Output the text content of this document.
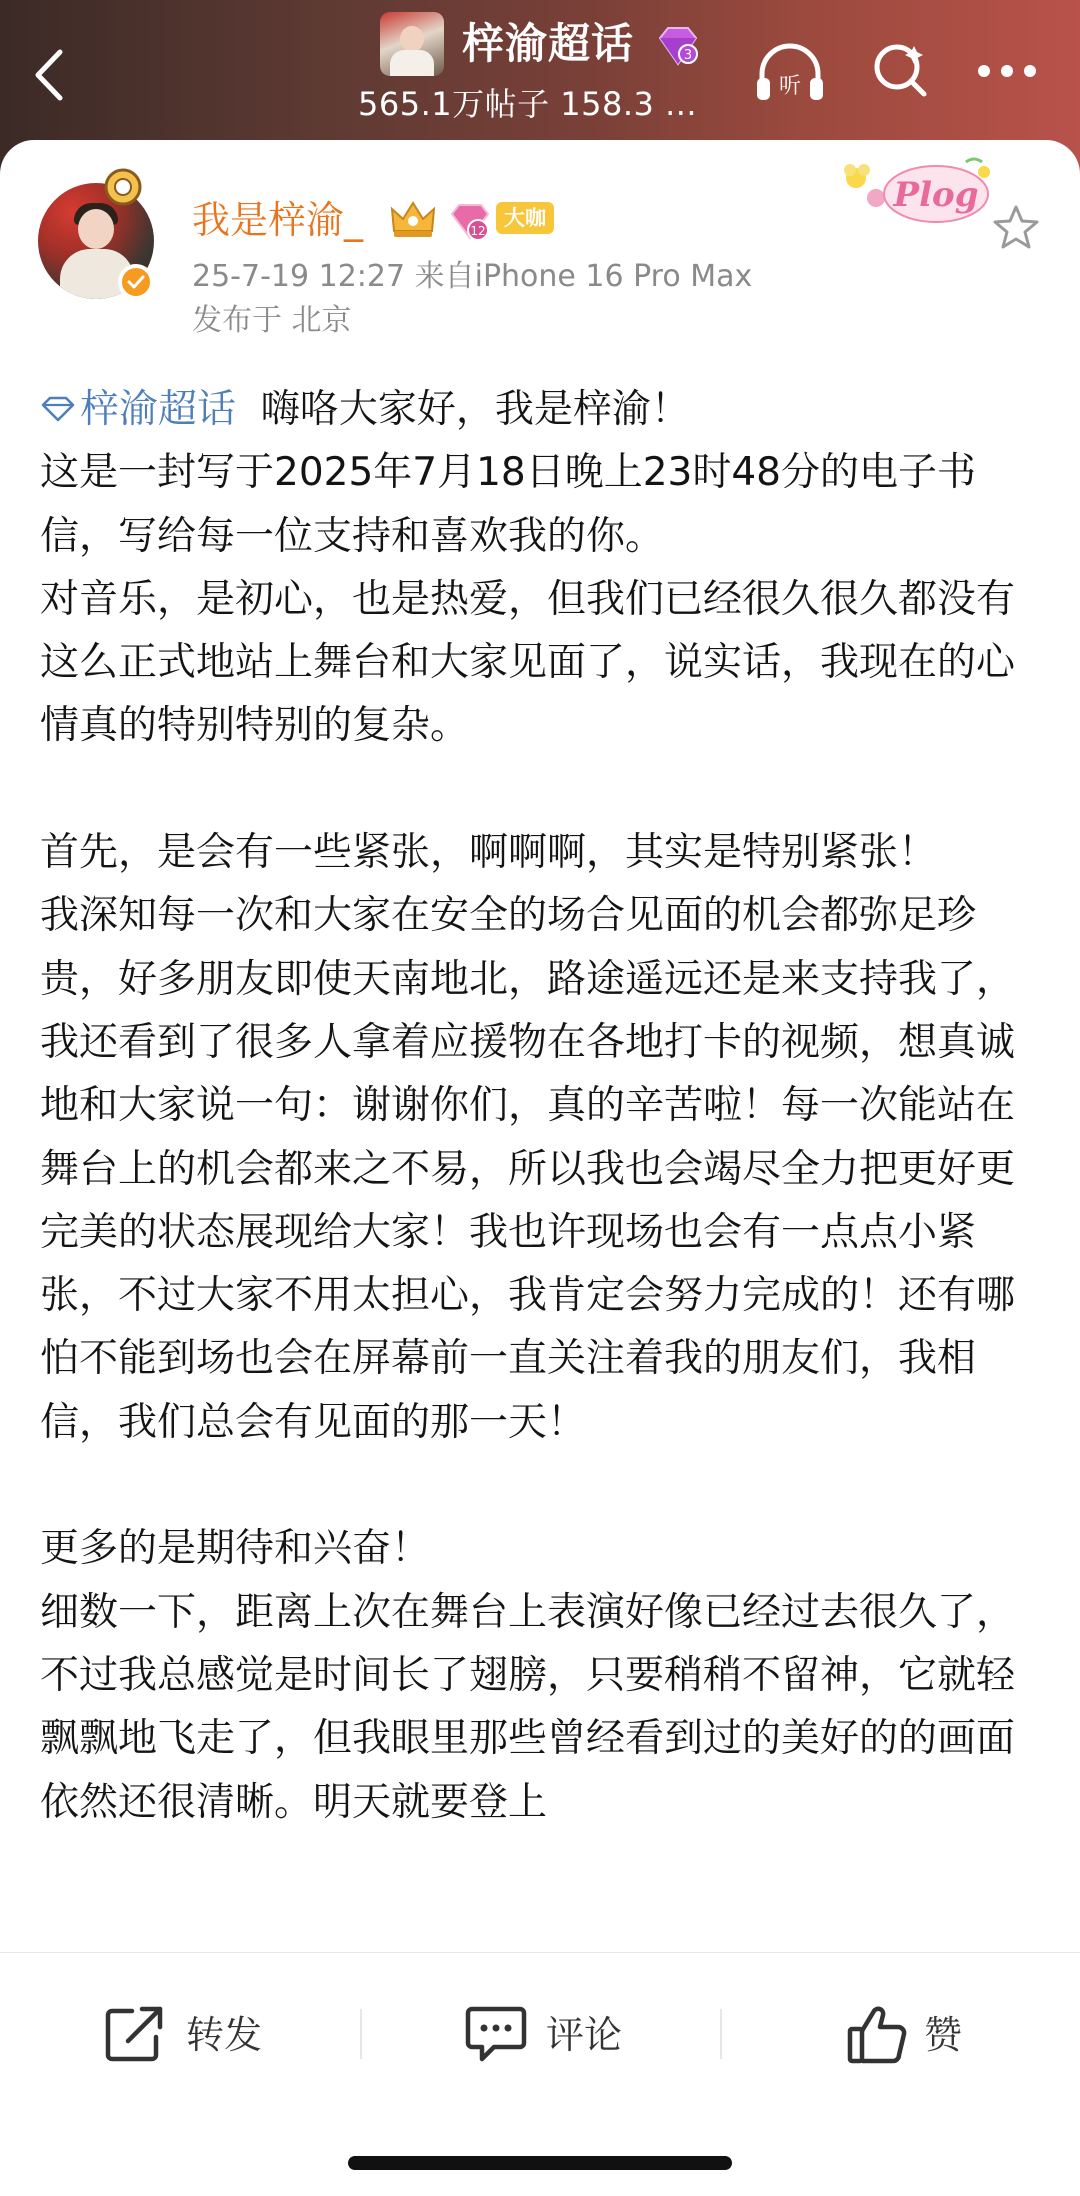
梓渝超话	3
565.1万帖子 158.3 ...	听
我是梓渝_	12
大咖
25-7-19 12:27 来自iPhone 16 Pro Max
发布于 北京
Plog

梓渝超话 嗨咯大家好，我是梓渝！

这是一封写于2025年7月18日晚上23时48分的电子书信，写给每一位支持和喜欢我的你。

对音乐，是初心，也是热爱，但我们已经很久很久都没有这么正式地站上舞台和大家见面了，说实话，我现在的心情真的特别特别的复杂。

首先，是会有一些紧张，啊啊啊，其实是特别紧张！

我深知每一次和大家在安全的场合见面的机会都弥足珍贵，好多朋友即使天南地北，路途遥远还是来支持我了，我还看到了很多人拿着应援物在各地打卡的视频，想真诚地和大家说一句：谢谢你们，真的辛苦啦！每一次能站在舞台上的机会都来之不易，所以我也会竭尽全力把更好更完美的状态展现给大家！我也许现场也会有一点点小紧张，不过大家不用太担心，我肯定会努力完成的！还有哪怕不能到场也会在屏幕前一直关注着我的朋友们，我相信，我们总会有见面的那一天！

更多的是期待和兴奋！

细数一下，距离上次在舞台上表演好像已经过去很久了，不过我总感觉是时间长了翅膀，只要稍稍不留神，它就轻飘飘地飞走了，但我眼里那些曾经看到过的美好的的画面依然还很清晰。明天就要登上

转发	评论	赞
